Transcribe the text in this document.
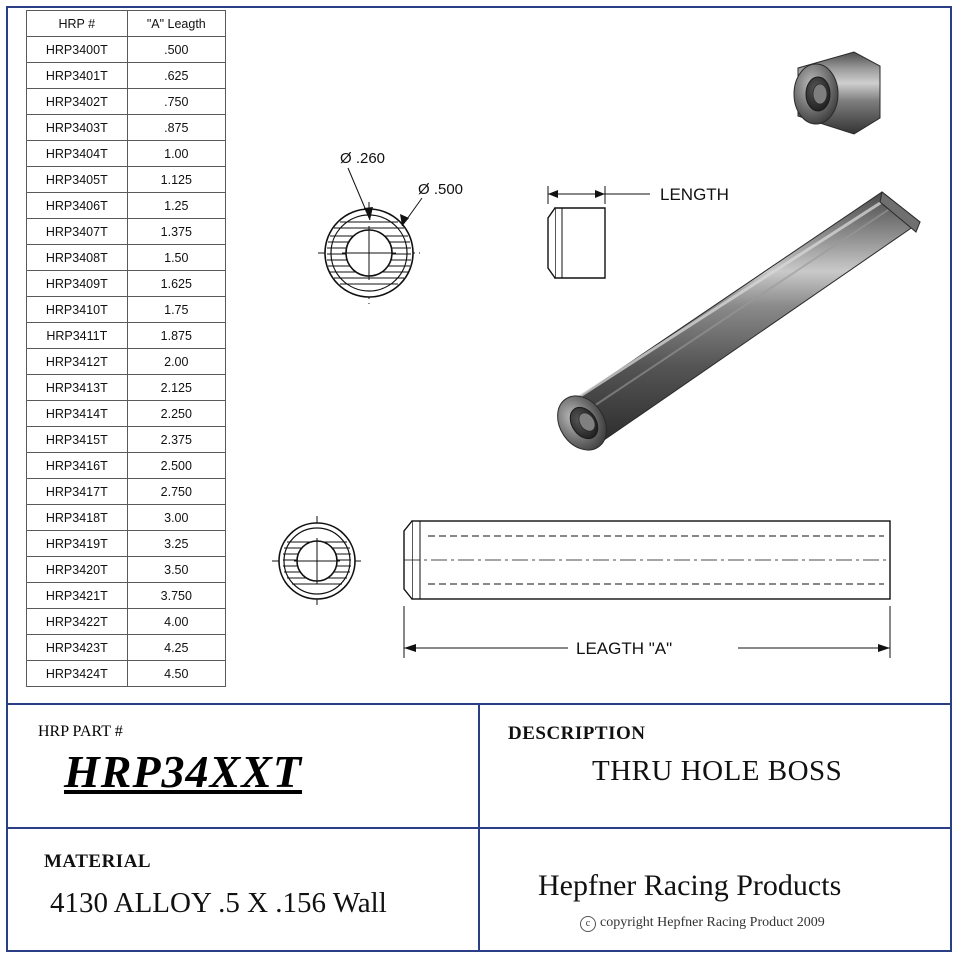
HRP #	"A" Leagth
HRP3400T	.500
HRP3401T	.625
HRP3402T	.750
HRP3403T	.875
HRP3404T	1.00
HRP3405T	1.125
HRP3406T	1.25
HRP3407T	1.375
HRP3408T	1.50
HRP3409T	1.625
HRP3410T	1.75
HRP3411T	1.875
HRP3412T	2.00
HRP3413T	2.125
HRP3414T	2.250
HRP3415T	2.375
HRP3416T	2.500
HRP3417T	2.750
HRP3418T	3.00
HRP3419T	3.25
HRP3420T	3.50
HRP3421T	3.750
HRP3422T	4.00
HRP3423T	4.25
HRP3424T	4.50
Ø .260
Ø .500	LENGTH
LEAGTH "A"
HRP PART #
HRP34XXT
DESCRIPTION
THRU HOLE BOSS
MATERIAL
4130 ALLOY .5 X .156 Wall
Hepfner Racing Products
c copyright Hepfner Racing Product 2009
